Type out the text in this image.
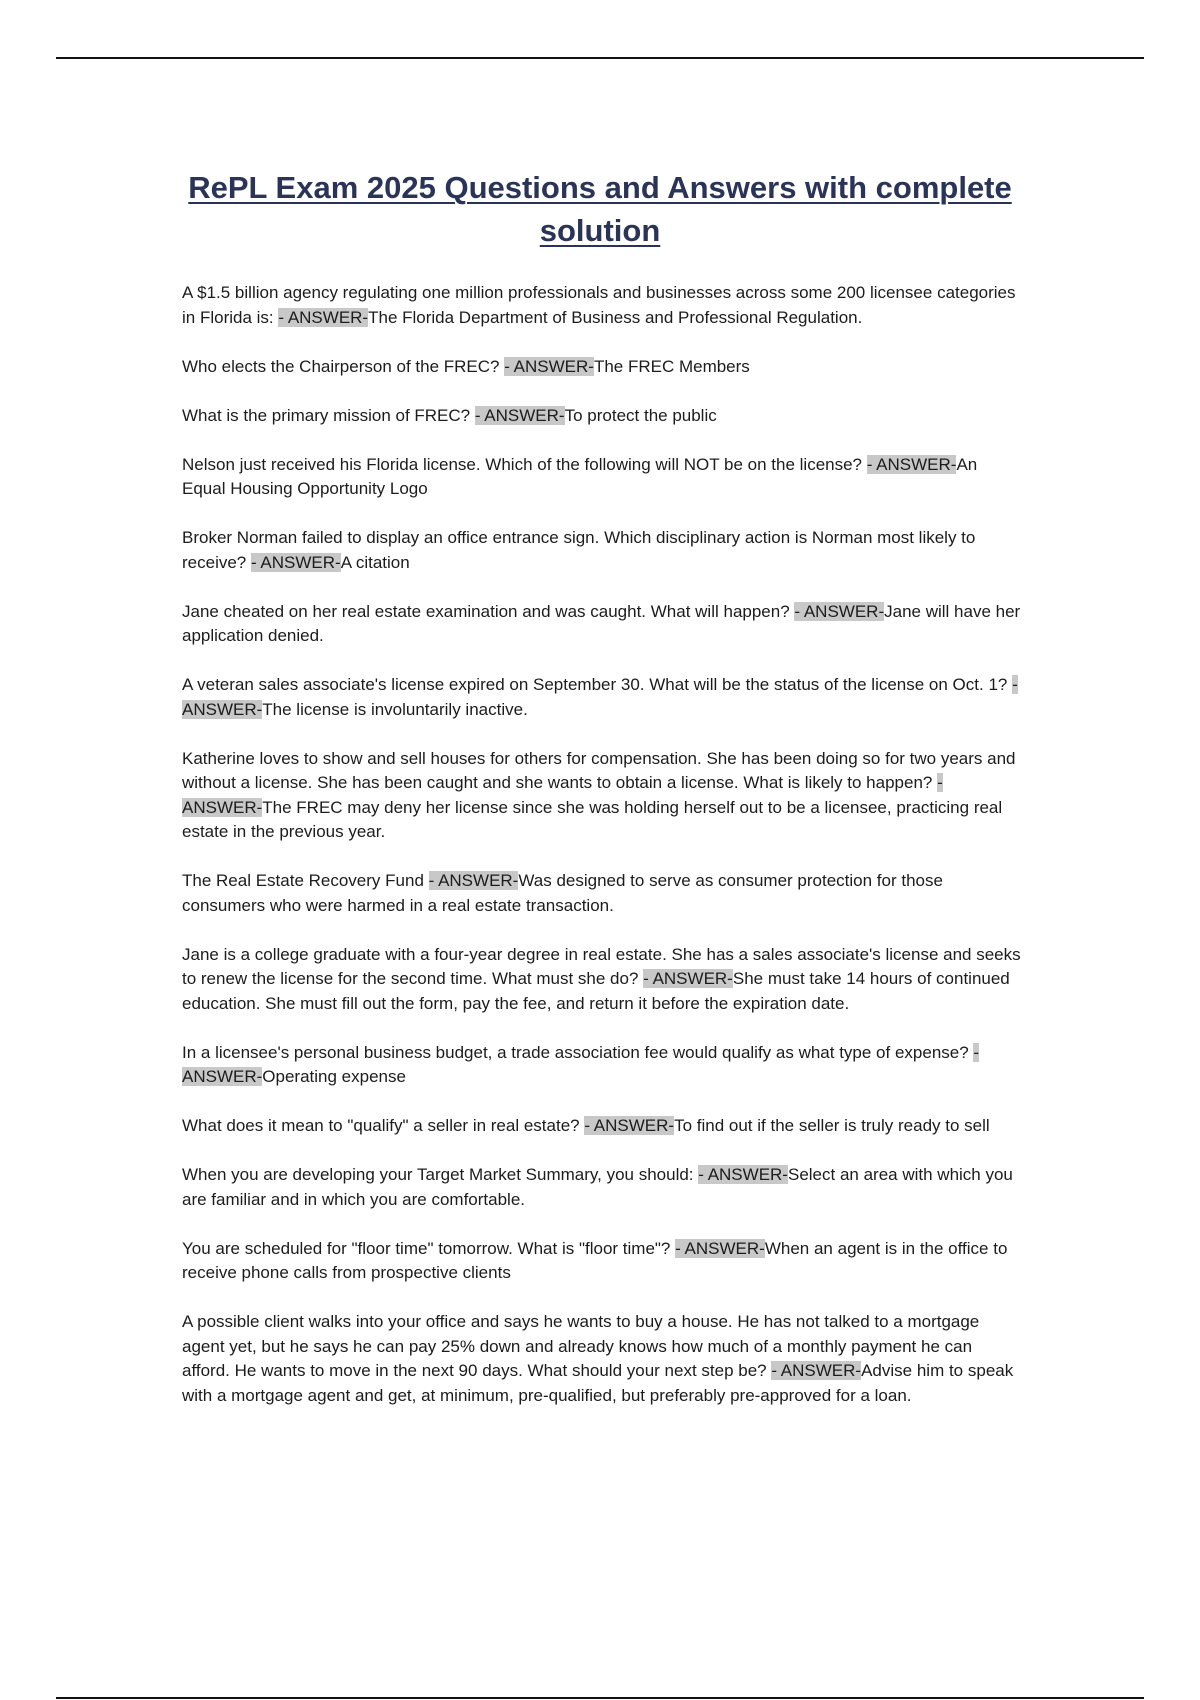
RePL Exam 2025 Questions and Answers with complete solution

A $1.5 billion agency regulating one million professionals and businesses across some 200 licensee categories in Florida is: - ANSWER-The Florida Department of Business and Professional Regulation.

Who elects the Chairperson of the FREC? - ANSWER-The FREC Members

What is the primary mission of FREC? - ANSWER-To protect the public

Nelson just received his Florida license. Which of the following will NOT be on the license? - ANSWER-An Equal Housing Opportunity Logo

Broker Norman failed to display an office entrance sign. Which disciplinary action is Norman most likely to receive? - ANSWER-A citation

Jane cheated on her real estate examination and was caught. What will happen? - ANSWER-Jane will have her application denied.

A veteran sales associate's license expired on September 30. What will be the status of the license on Oct. 1? - ANSWER-The license is involuntarily inactive.

Katherine loves to show and sell houses for others for compensation. She has been doing so for two years and without a license. She has been caught and she wants to obtain a license. What is likely to happen? - ANSWER-The FREC may deny her license since she was holding herself out to be a licensee, practicing real estate in the previous year.

The Real Estate Recovery Fund - ANSWER-Was designed to serve as consumer protection for those consumers who were harmed in a real estate transaction.

Jane is a college graduate with a four-year degree in real estate. She has a sales associate's license and seeks to renew the license for the second time. What must she do? - ANSWER-She must take 14 hours of continued education. She must fill out the form, pay the fee, and return it before the expiration date.

In a licensee's personal business budget, a trade association fee would qualify as what type of expense? - ANSWER-Operating expense

What does it mean to "qualify" a seller in real estate? - ANSWER-To find out if the seller is truly ready to sell

When you are developing your Target Market Summary, you should: - ANSWER-Select an area with which you are familiar and in which you are comfortable.

You are scheduled for "floor time" tomorrow. What is "floor time"? - ANSWER-When an agent is in the office to receive phone calls from prospective clients

A possible client walks into your office and says he wants to buy a house. He has not talked to a mortgage agent yet, but he says he can pay 25% down and already knows how much of a monthly payment he can afford. He wants to move in the next 90 days. What should your next step be? - ANSWER-Advise him to speak with a mortgage agent and get, at minimum, pre-qualified, but preferably pre-approved for a loan.
